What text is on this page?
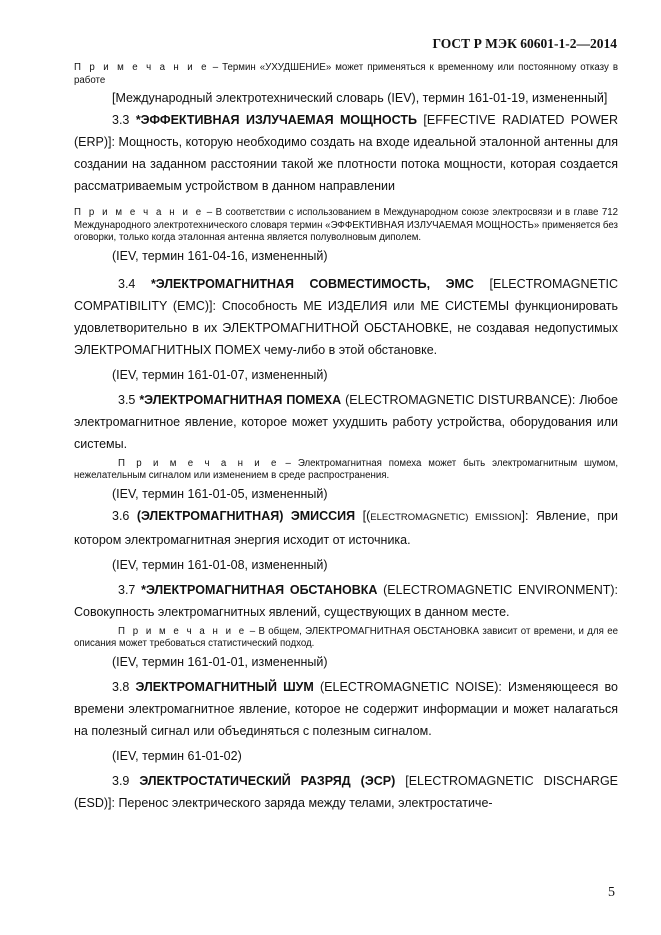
ГОСТ Р МЭК 60601-1-2—2014

П р и м е ч а н и е – Термин «УХУДШЕНИЕ» может применяться к временному или постоянному отказу в работе

[Международный электротехнический словарь (IEV), термин 161-01-19, измененный]

3.3 *ЭФФЕКТИВНАЯ ИЗЛУЧАЕМАЯ МОЩНОСТЬ [EFFECTIVE RADIATED POWER (ERP)]: Мощность, которую необходимо создать на входе идеальной эталонной антенны для создании на заданном расстоянии такой же плотности потока мощности, которая создается рассматриваемым устройством в данном направлении

П р и м е ч а н и е – В соответствии с использованием в Международном союзе электросвязи и в главе 712 Международного электротехнического словаря термин «ЭФФЕКТИВНАЯ ИЗЛУЧАЕМАЯ МОЩНОСТЬ» применяется без оговорки, только когда эталонная антенна является полуволновым диполем.

(IEV, термин 161-04-16, измененный)

3.4 *ЭЛЕКТРОМАГНИТНАЯ СОВМЕСТИМОСТЬ, ЭМС [ELECTROMAGNETIC COMPATIBILITY (EMC)]: Способность МЕ ИЗДЕЛИЯ или МЕ СИСТЕМЫ функционировать удовлетворительно в их ЭЛЕКТРОМАГНИТНОЙ ОБСТАНОВКЕ, не создавая недопустимых ЭЛЕКТРОМАГНИТНЫХ ПОМЕХ чему-либо в этой обстановке.

(IEV, термин 161-01-07, измененный)

3.5 *ЭЛЕКТРОМАГНИТНАЯ ПОМЕХА (ELECTROMAGNETIC DISTURBANCE): Любое электромагнитное явление, которое может ухудшить работу устройства, оборудования или системы.

П р и м е ч а н и е – Электромагнитная помеха может быть электромагнитным шумом, нежелательным сигналом или изменением в среде распространения.

(IEV, термин 161-01-05, измененный)

3.6 (ЭЛЕКТРОМАГНИТНАЯ) ЭМИССИЯ [(ELECTROMAGNETIC) EMISSION]: Явление, при котором электромагнитная энергия исходит от источника.

(IEV, термин 161-01-08, измененный)

3.7 *ЭЛЕКТРОМАГНИТНАЯ ОБСТАНОВКА (ELECTROMAGNETIC ENVIRONMENT): Совокупность электромагнитных явлений, существующих в данном месте.

П р и м е ч а н и е – В общем, ЭЛЕКТРОМАГНИТНАЯ ОБСТАНОВКА зависит от времени, и для ее описания может требоваться статистический подход.

(IEV, термин 161-01-01, измененный)

3.8 ЭЛЕКТРОМАГНИТНЫЙ ШУМ (ELECTROMAGNETIC NOISE): Изменяющееся во времени электромагнитное явление, которое не содержит информации и может налагаться на полезный сигнал или объединяться с полезным сигналом.

(IEV, термин 61-01-02)

3.9 ЭЛЕКТРОСТАТИЧЕСКИЙ РАЗРЯД (ЭСР) [ELECTROMAGNETIC DISCHARGE (ESD)]: Перенос электрического заряда между телами, электростатиче-

5
